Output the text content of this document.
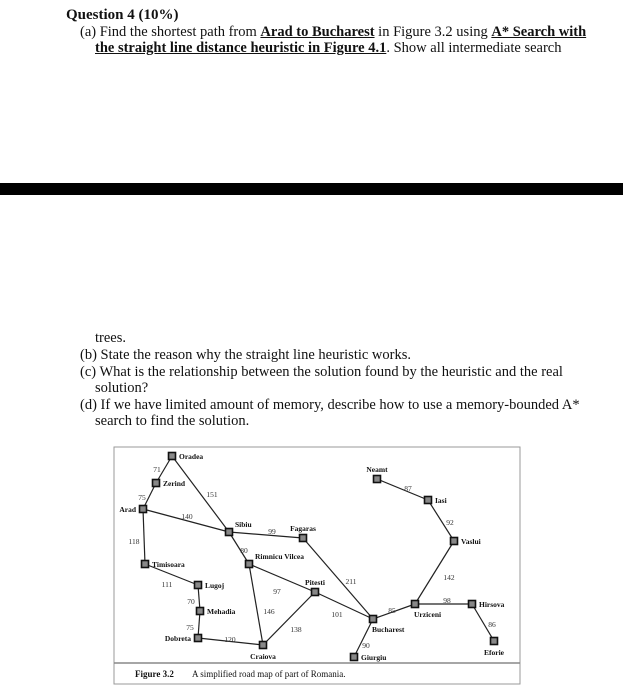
Question 4 (10%)
(a) Find the shortest path from Arad to Bucharest in Figure 3.2 using A* Search with
the straight line distance heuristic in Figure 4.1. Show all intermediate search
trees.
(b) State the reason why the straight line heuristic works.
(c) What is the relationship between the solution found by the heuristic and the real
solution?
(d) If we have limited amount of memory, describe how to use a memory-bounded A*
search to find the solution.
71
75	151
140
118
99
80
111
70
75
120
146
97
138
101
211
90
85
98
86
142
92
87
Oradea
Zerind
Arad
Sibiu	Fagaras
Timisoara
Rimnicu Vilcea
Lugoj	Pitesti
Mehadia
Dobreta
Craiova
Bucharest
Giurgiu
Urziceni
Hirsova
Eforie
Vaslui
Iasi
Neamt
Figure 3.2 A simplified road map of part of Romania.
